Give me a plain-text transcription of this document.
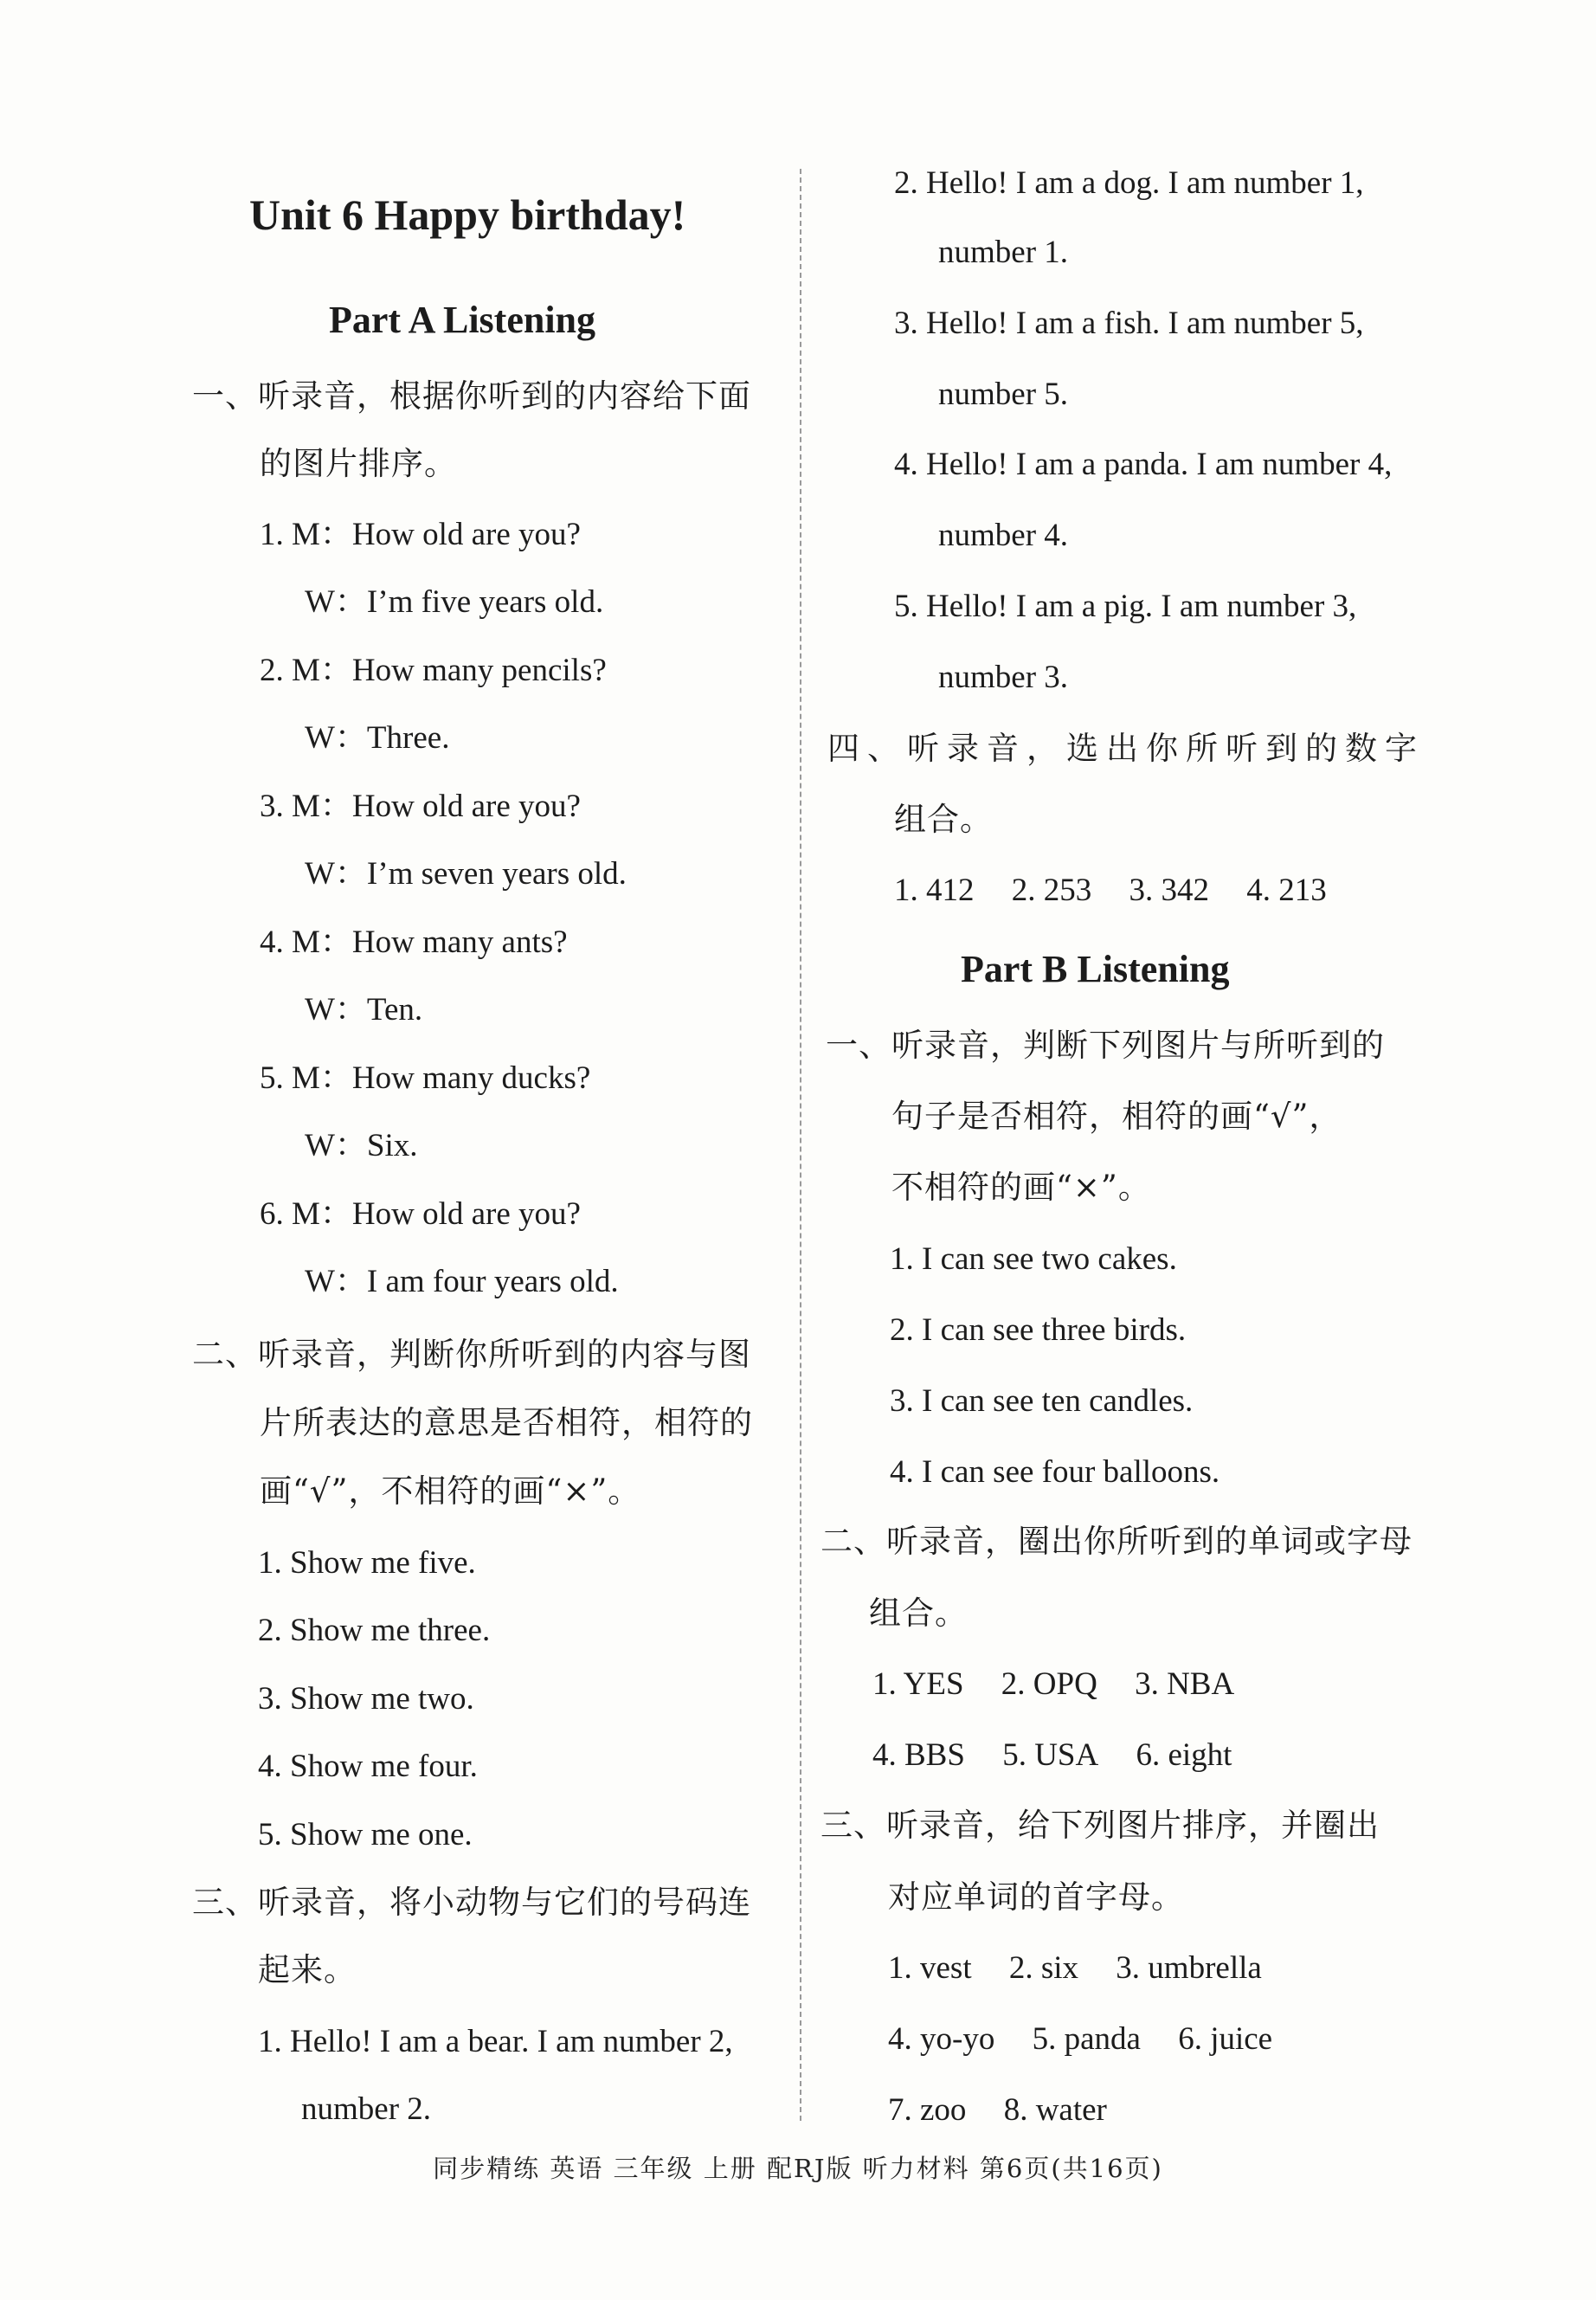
Unit 6 Happy birthday!
Part A Listening
一、听录音，根据你听到的内容给下面
的图片排序。
1. M：How old are you?
W：I’m five years old.
2. M：How many pencils?
W：Three.
3. M：How old are you?
W：I’m seven years old.
4. M：How many ants?
W：Ten.
5. M：How many ducks?
W：Six.
6. M：How old are you?
W：I am four years old.
二、听录音，判断你所听到的内容与图
片所表达的意思是否相符，相符的
画“√”，不相符的画“×”。
1. Show me five.
2. Show me three.
3. Show me two.
4. Show me four.
5. Show me one.
三、听录音，将小动物与它们的号码连
起来。
1. Hello! I am a bear. I am number 2,
number 2.
2. Hello! I am a dog. I am number 1,
number 1.
3. Hello! I am a fish. I am number 5,
number 5.
4. Hello! I am a panda. I am number 4,
number 4.
5. Hello! I am a pig. I am number 3,
number 3.
四、听录音，选出你所听到的数字
组合。
1. 412 2. 253 3. 342 4. 213
Part B Listening
一、听录音，判断下列图片与所听到的
句子是否相符，相符的画“√”，
不相符的画“×”。
1. I can see two cakes.
2. I can see three birds.
3. I can see ten candles.
4. I can see four balloons.
二、听录音，圈出你所听到的单词或字母
组合。
1. YES 2. OPQ 3. NBA
4. BBS 5. USA 6. eight
三、听录音，给下列图片排序，并圈出
对应单词的首字母。
1. vest 2. six 3. umbrella
4. yo-yo 5. panda 6. juice
7. zoo 8. water
同步精练 英语 三年级 上册 配RJ版 听力材料 第6页(共16页)
